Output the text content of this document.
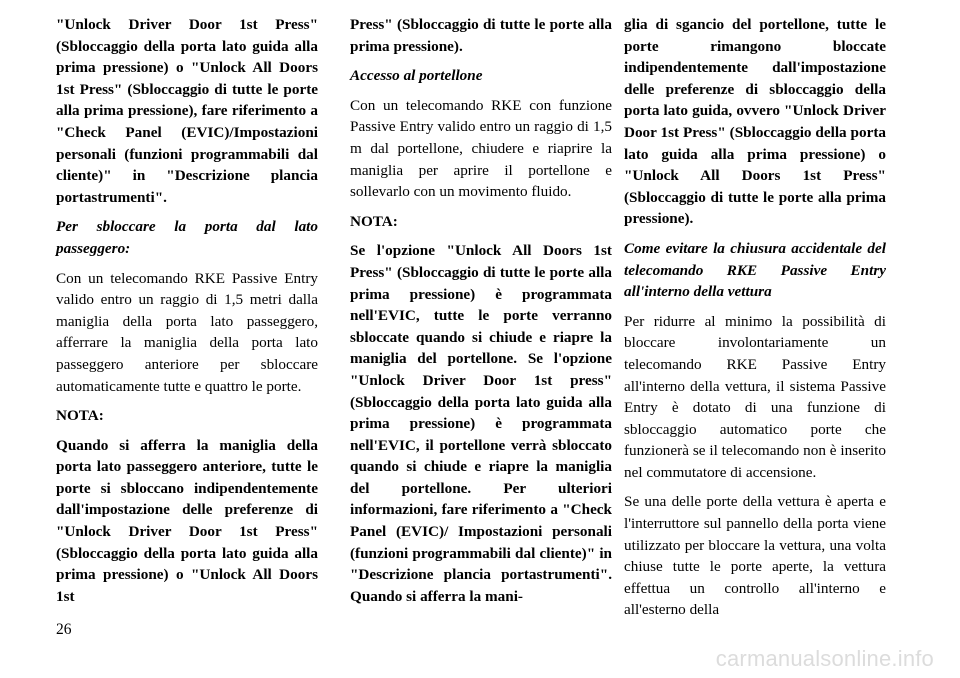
"Unlock Driver Door 1st Press" (Sbloccaggio della porta lato guida alla prima pressione) o "Unlock All Doors 1st Press" (Sbloccaggio di tutte le porte alla prima pressione), fare riferimento a "Check Panel (EVIC)/Impostazioni personali (funzioni programmabili dal cliente)" in "Descrizione plancia portastrumenti".

Per sbloccare la porta dal lato passeggero:

Con un telecomando RKE Passive Entry valido entro un raggio di 1,5 metri dalla maniglia della porta lato passeggero, afferrare la maniglia della porta lato passeggero anteriore per sbloccare automaticamente tutte e quattro le porte.

NOTA:

Quando si afferra la maniglia della porta lato passeggero anteriore, tutte le porte si sbloccano indipendentemente dall'impostazione delle preferenze di "Unlock Driver Door 1st Press" (Sbloccaggio della porta lato guida alla prima pressione) o "Unlock All Doors 1st

Press" (Sbloccaggio di tutte le porte alla prima pressione).

Accesso al portellone

Con un telecomando RKE con funzione Passive Entry valido entro un raggio di 1,5 m dal portellone, chiudere e riaprire la maniglia per aprire il portellone e sollevarlo con un movimento fluido.

NOTA:

Se l'opzione "Unlock All Doors 1st Press" (Sbloccaggio di tutte le porte alla prima pressione) è programmata nell'EVIC, tutte le porte verranno sbloccate quando si chiude e riapre la maniglia del portellone. Se l'opzione "Unlock Driver Door 1st press" (Sbloccaggio della porta lato guida alla prima pressione) è programmata nell'EVIC, il portellone verrà sbloccato quando si chiude e riapre la maniglia del portellone. Per ulteriori informazioni, fare riferimento a "Check Panel (EVIC)/ Impostazioni personali (funzioni programmabili dal cliente)" in "Descrizione plancia portastrumenti". Quando si afferra la mani-

glia di sgancio del portellone, tutte le porte rimangono bloccate indipendentemente dall'impostazione delle preferenze di sbloccaggio della porta lato guida, ovvero "Unlock Driver Door 1st Press" (Sbloccaggio della porta lato guida alla prima pressione) o "Unlock All Doors 1st Press" (Sbloccaggio di tutte le porte alla prima pressione).

Come evitare la chiusura accidentale del telecomando RKE Passive Entry all'interno della vettura

Per ridurre al minimo la possibilità di bloccare involontariamente un telecomando RKE Passive Entry all'interno della vettura, il sistema Passive Entry è dotato di una funzione di sbloccaggio automatico porte che funzionerà se il telecomando non è inserito nel commutatore di accensione.

Se una delle porte della vettura è aperta e l'interruttore sul pannello della porta viene utilizzato per bloccare la vettura, una volta chiuse tutte le porte aperte, la vettura effettua un controllo all'interno e all'esterno della

26
carmanualsonline.info
